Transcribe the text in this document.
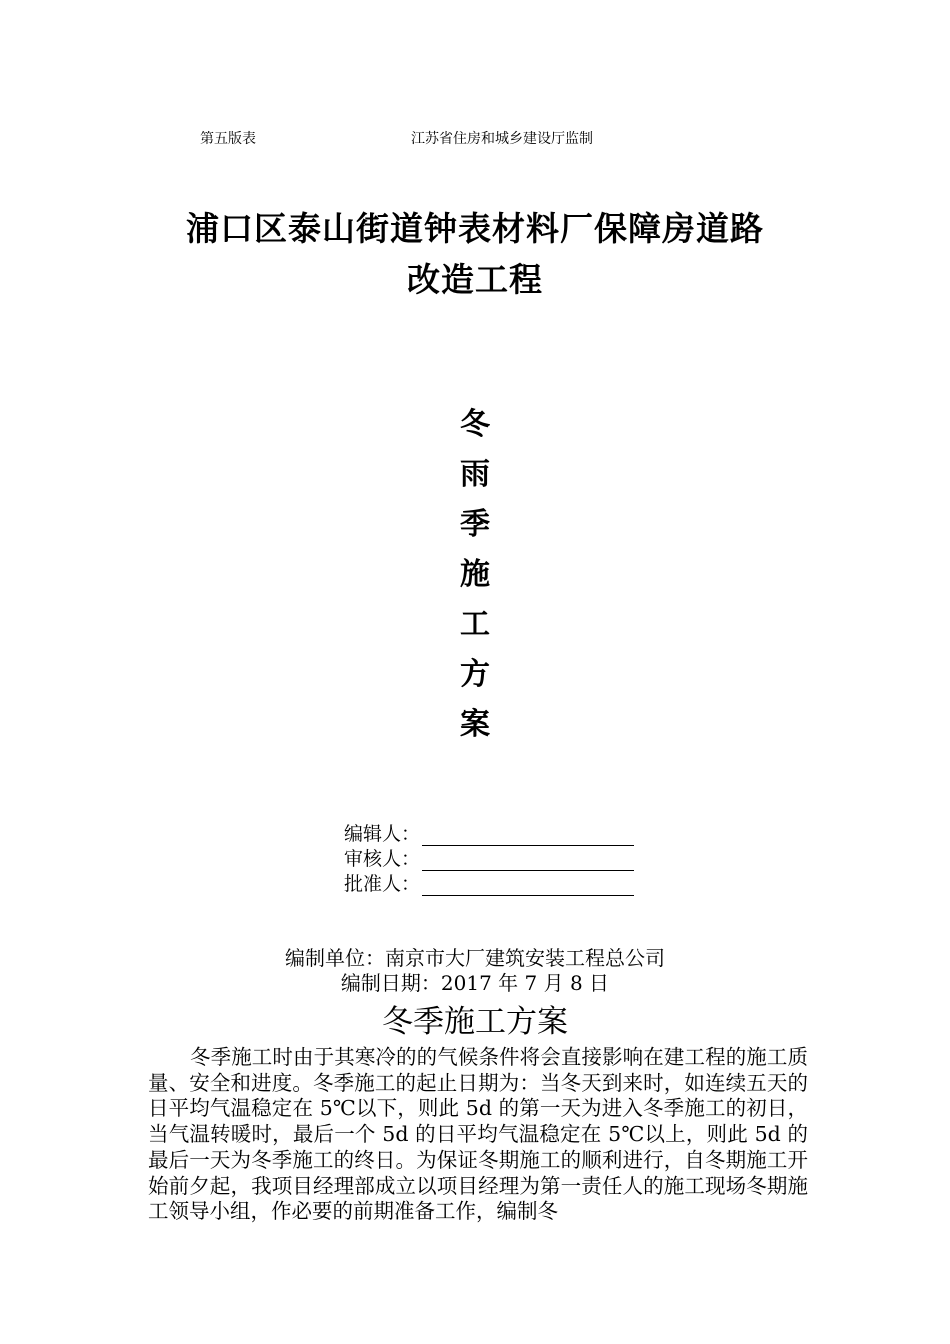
第五版表	江苏省住房和城乡建设厅监制
浦口区泰山街道钟表材料厂保障房道路
改造工程
冬
雨
季
施
工
方
案
编辑人：
审核人：
批准人：
编制单位：南京市大厂建筑安装工程总公司
编制日期：2017 年 7 月 8 日
冬季施工方案
冬季施工时由于其寒冷的的气候条件将会直接影响在建工程的施工质量、安全和进度。冬季施工的起止日期为：当冬天到来时，如连续五天的日平均气温稳定在 5℃以下，则此 5d 的第一天为进入冬季施工的初日，当气温转暖时，最后一个 5d 的日平均气温稳定在 5℃以上，则此 5d 的最后一天为冬季施工的终日。为保证冬期施工的顺利进行，自冬期施工开始前夕起，我项目经理部成立以项目经理为第一责任人的施工现场冬期施工领导小组，作必要的前期准备工作，编制冬
